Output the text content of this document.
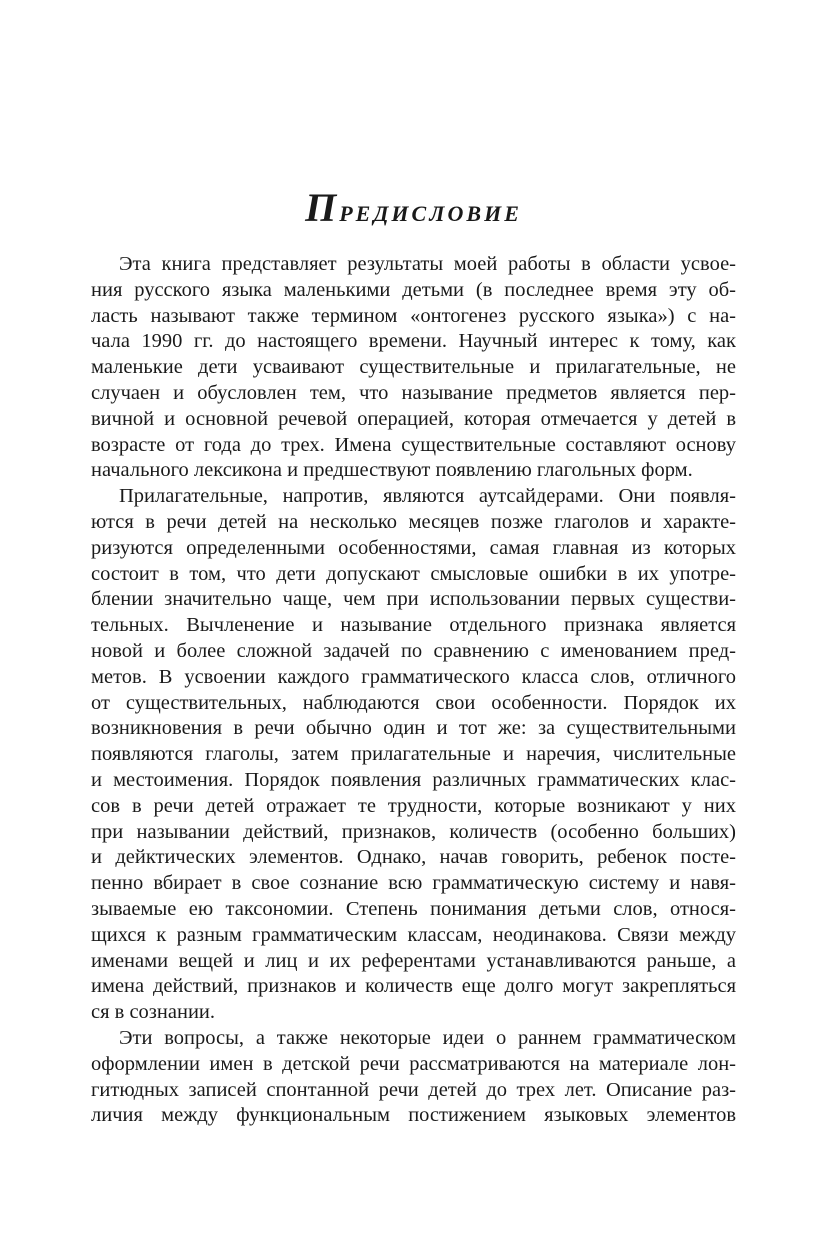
Предисловие
Эта книга представляет результаты моей работы в области усвое-
ния русского языка маленькими детьми (в последнее время эту об-
ласть называют также термином «онтогенез русского языка») с на-
чала 1990 гг. до настоящего времени. Научный интерес к тому, как
маленькие дети усваивают существительные и прилагательные, не
случаен и обусловлен тем, что называние предметов является пер-
вичной и основной речевой операцией, которая отмечается у детей в
возрасте от года до трех. Имена существительные составляют основу
начального лексикона и предшествуют появлению глагольных форм.
Прилагательные, напротив, являются аутсайдерами. Они появля-
ются в речи детей на несколько месяцев позже глаголов и характе-
ризуются определенными особенностями, самая главная из которых
состоит в том, что дети допускают смысловые ошибки в их употре-
блении значительно чаще, чем при использовании первых существи-
тельных. Вычленение и называние отдельного признака является
новой и более сложной задачей по сравнению с именованием пред-
метов. В усвоении каждого грамматического класса слов, отличного
от существительных, наблюдаются свои особенности. Порядок их
возникновения в речи обычно один и тот же: за существительными
появляются глаголы, затем прилагательные и наречия, числительные
и местоимения. Порядок появления различных грамматических клас-
сов в речи детей отражает те трудности, которые возникают у них
при назывании действий, признаков, количеств (особенно больших)
и дейктических элементов. Однако, начав говорить, ребенок посте-
пенно вбирает в свое сознание всю грамматическую систему и навя-
зываемые ею таксономии. Степень понимания детьми слов, относя-
щихся к разным грамматическим классам, неодинакова. Связи между
именами вещей и лиц и их референтами устанавливаются раньше, а
имена действий, признаков и количеств еще долго могут закрепляться
ся в сознании.
Эти вопросы, а также некоторые идеи о раннем грамматическом
оформлении имен в детской речи рассматриваются на материале лон-
гитюдных записей спонтанной речи детей до трех лет. Описание раз-
личия между функциональным постижением языковых элементов
